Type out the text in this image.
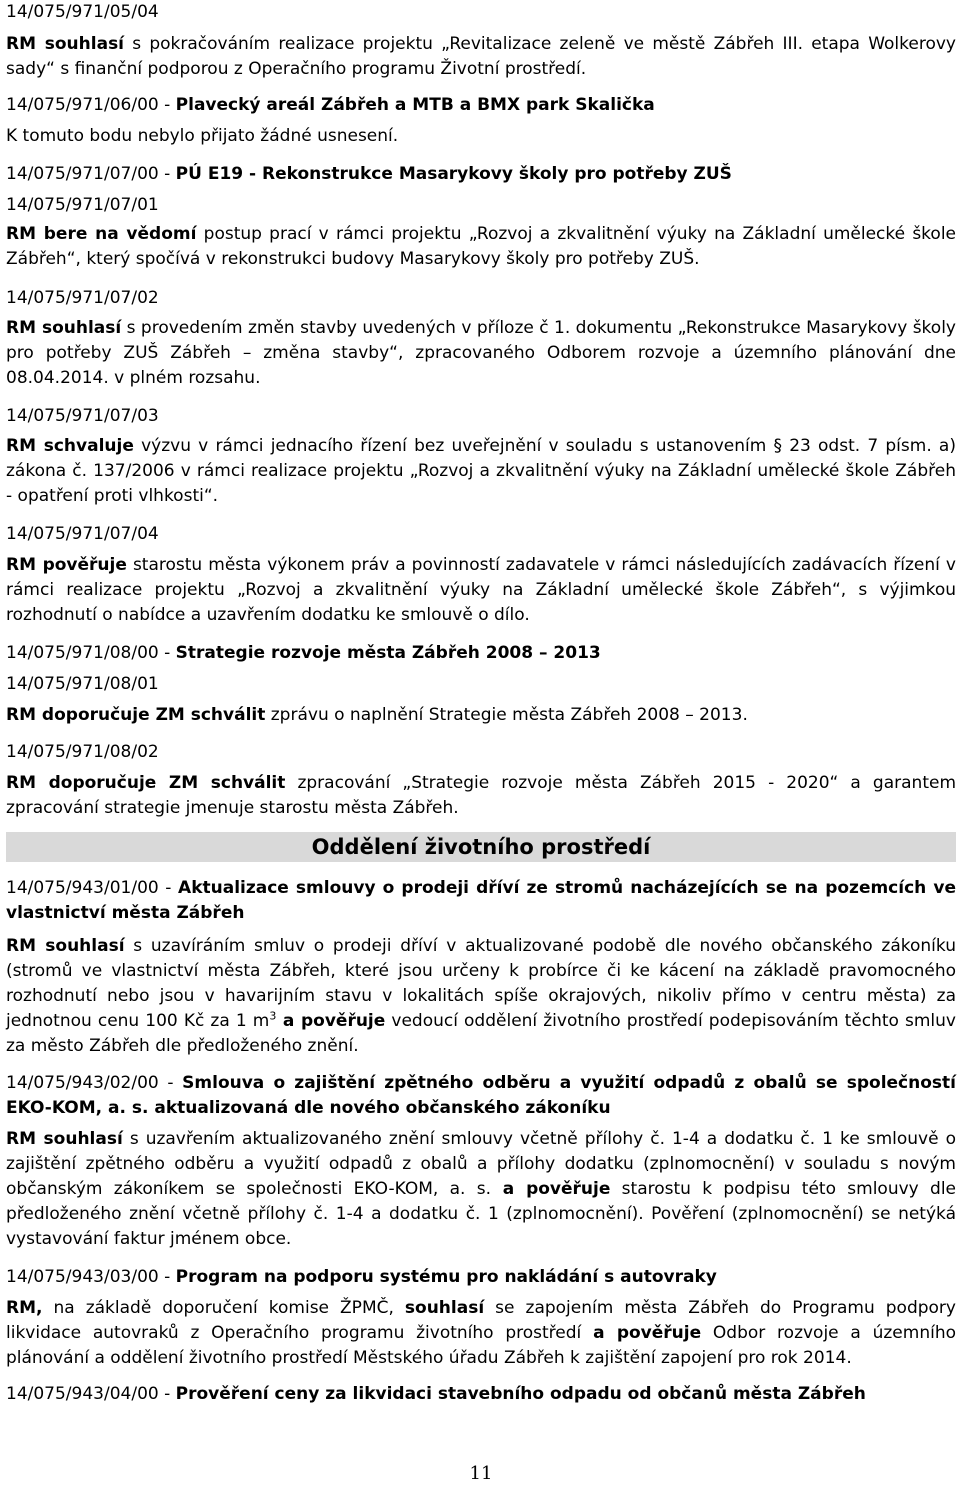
14/075/971/05/04
RM souhlasí s pokračováním realizace projektu „Revitalizace zeleně ve městě Zábřeh III. etapa Wolkerovy sady“ s finanční podporou z Operačního programu Životní prostředí.
14/075/971/06/00 - Plavecký areál Zábřeh a MTB a BMX park Skalička
K tomuto bodu nebylo přijato žádné usnesení.
14/075/971/07/00 - PÚ E19 - Rekonstrukce Masarykovy školy pro potřeby ZUŠ
14/075/971/07/01
RM bere na vědomí postup prací v rámci projektu „Rozvoj a zkvalitnění výuky na Základní umělecké škole Zábřeh“, který spočívá v rekonstrukci budovy Masarykovy školy pro potřeby ZUŠ.
14/075/971/07/02
RM souhlasí s provedením změn stavby uvedených v příloze č 1. dokumentu „Rekonstrukce Masarykovy školy pro potřeby ZUŠ Zábřeh – změna stavby“, zpracovaného Odborem rozvoje a územního plánování dne 08.04.2014. v plném rozsahu.
14/075/971/07/03
RM schvaluje výzvu v rámci jednacího řízení bez uveřejnění v souladu s ustanovením § 23 odst. 7 písm. a) zákona č. 137/2006 v rámci realizace projektu „Rozvoj a zkvalitnění výuky na Základní umělecké škole Zábřeh - opatření proti vlhkosti“.
14/075/971/07/04
RM pověřuje starostu města výkonem práv a povinností zadavatele v rámci následujících zadávacích řízení v rámci realizace projektu „Rozvoj a zkvalitnění výuky na Základní umělecké škole Zábřeh“, s výjimkou rozhodnutí o nabídce a uzavřením dodatku ke smlouvě o dílo.
14/075/971/08/00 - Strategie rozvoje města Zábřeh 2008 – 2013
14/075/971/08/01
RM doporučuje ZM schválit zprávu o naplnění Strategie města Zábřeh 2008 – 2013.
14/075/971/08/02
RM doporučuje ZM schválit zpracování „Strategie rozvoje města Zábřeh 2015 - 2020“ a garantem zpracování strategie jmenuje starostu města Zábřeh.
Oddělení životního prostředí
14/075/943/01/00 - Aktualizace smlouvy o prodeji dříví ze stromů nacházejících se na pozemcích ve vlastnictví města Zábřeh
RM souhlasí s uzavíráním smluv o prodeji dříví v aktualizované podobě dle nového občanského zákoníku (stromů ve vlastnictví města Zábřeh, které jsou určeny k probírce či ke kácení na základě pravomocného rozhodnutí nebo jsou v havarijním stavu v lokalitách spíše okrajových, nikoliv přímo v centru města) za jednotnou cenu 100 Kč za 1 $m^3$ a pověřuje vedoucí oddělení životního prostředí podepisováním těchto smluv za město Zábřeh dle předloženého znění.
14/075/943/02/00 - Smlouva o zajištění zpětného odběru a využití odpadů z obalů se společností EKO-KOM, a. s. aktualizovaná dle nového občanského zákoníku
RM souhlasí s uzavřením aktualizovaného znění smlouvy včetně přílohy č. 1-4 a dodatku č. 1 ke smlouvě o zajištění zpětného odběru a využití odpadů z obalů a přílohy dodatku (zplnomocnění) v souladu s novým občanským zákoníkem se společnosti EKO-KOM, a. s. a pověřuje starostu k podpisu této smlouvy dle předloženého znění včetně přílohy č. 1-4 a dodatku č. 1 (zplnomocnění). Pověření (zplnomocnění) se netýká vystavování faktur jménem obce.
14/075/943/03/00 - Program na podporu systému pro nakládání s autovraky
RM, na základě doporučení komise ŽPMČ, souhlasí se zapojením města Zábřeh do Programu podpory likvidace autovraků z Operačního programu životního prostředí a pověřuje Odbor rozvoje a územního plánování a oddělení životního prostředí Městského úřadu Zábřeh k zajištění zapojení pro rok 2014.
14/075/943/04/00 - Prověření ceny za likvidaci stavebního odpadu od občanů města Zábřeh
11
